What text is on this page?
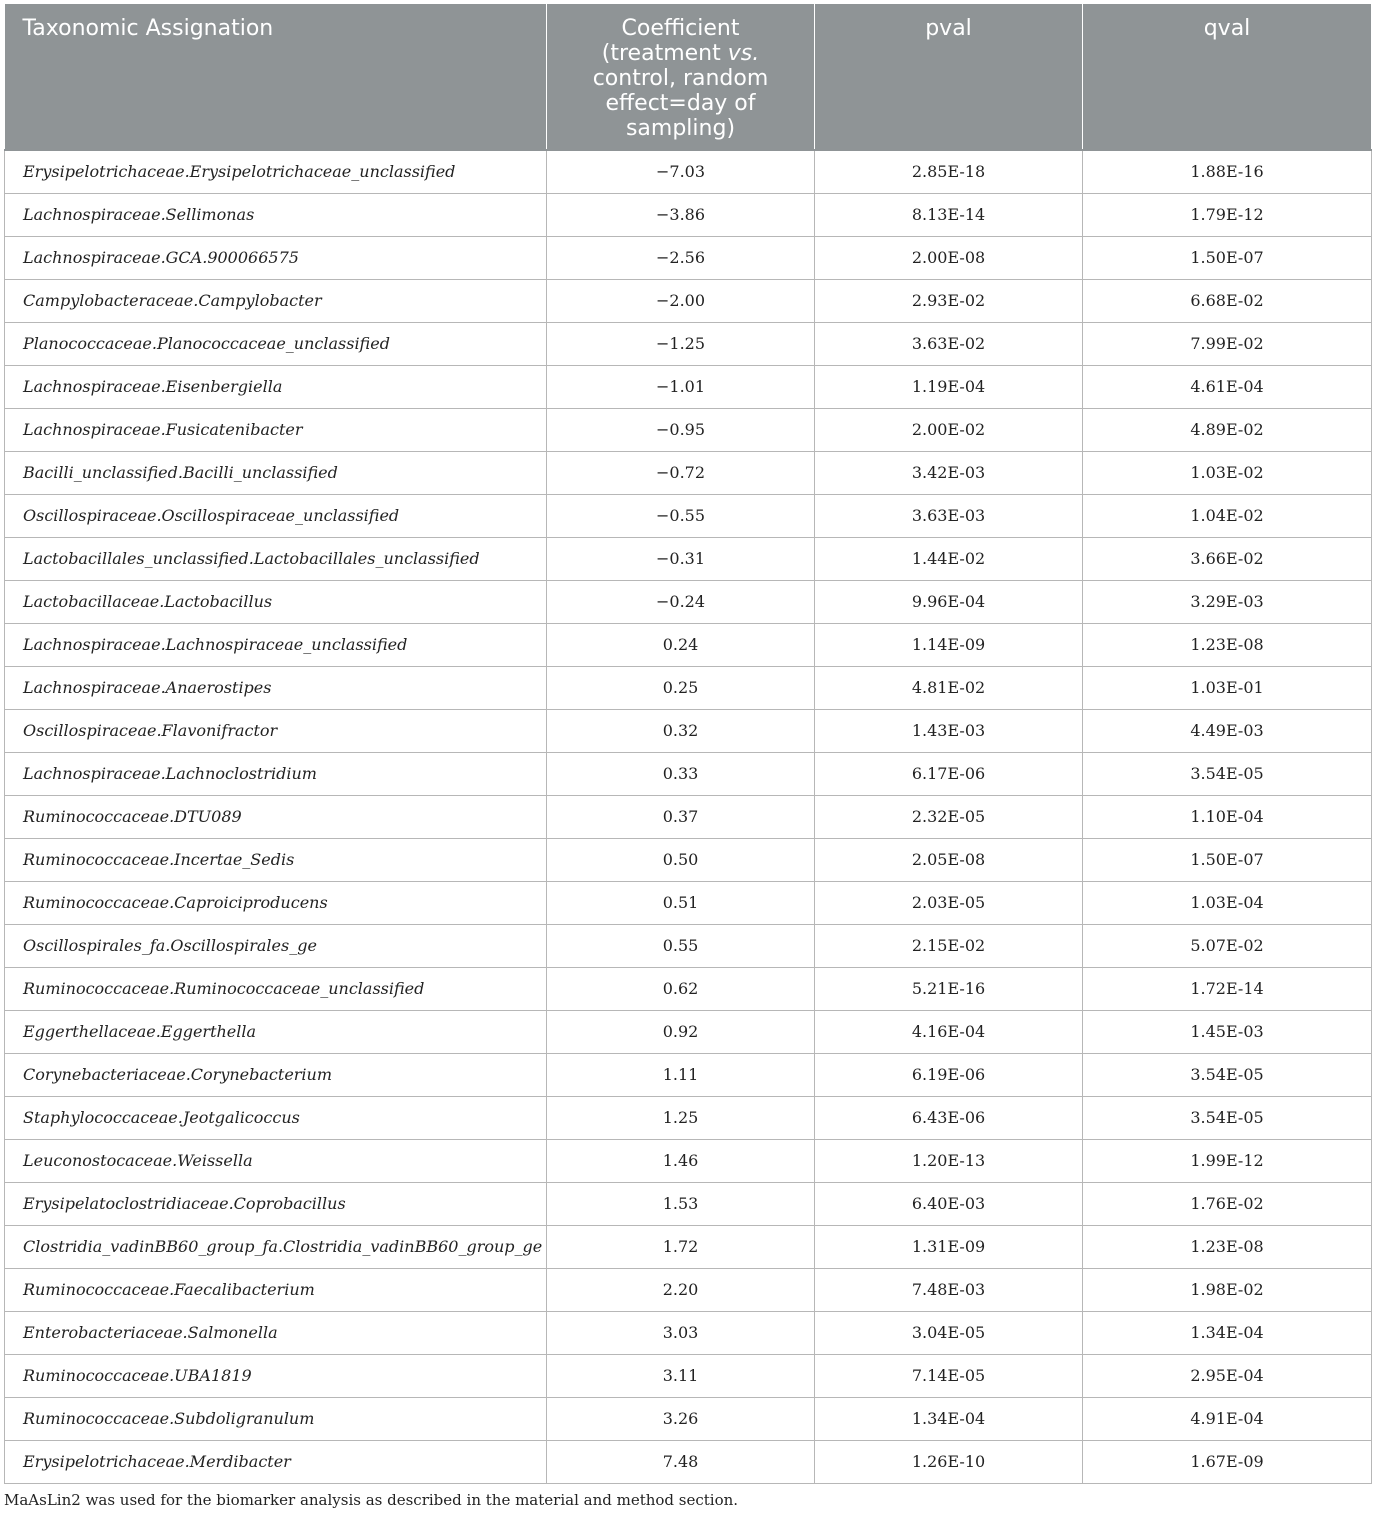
Taxonomic Assignation	Coefficient (treatment vs. control, random effect=day of sampling)	pval	qval
Erysipelotrichaceae.Erysipelotrichaceae_unclassified	−7.03	2.85E-18	1.88E-16
Lachnospiraceae.Sellimonas	−3.86	8.13E-14	1.79E-12
Lachnospiraceae.GCA.900066575	−2.56	2.00E-08	1.50E-07
Campylobacteraceae.Campylobacter	−2.00	2.93E-02	6.68E-02
Planococcaceae.Planococcaceae_unclassified	−1.25	3.63E-02	7.99E-02
Lachnospiraceae.Eisenbergiella	−1.01	1.19E-04	4.61E-04
Lachnospiraceae.Fusicatenibacter	−0.95	2.00E-02	4.89E-02
Bacilli_unclassified.Bacilli_unclassified	−0.72	3.42E-03	1.03E-02
Oscillospiraceae.Oscillospiraceae_unclassified	−0.55	3.63E-03	1.04E-02
Lactobacillales_unclassified.Lactobacillales_unclassified	−0.31	1.44E-02	3.66E-02
Lactobacillaceae.Lactobacillus	−0.24	9.96E-04	3.29E-03
Lachnospiraceae.Lachnospiraceae_unclassified	0.24	1.14E-09	1.23E-08
Lachnospiraceae.Anaerostipes	0.25	4.81E-02	1.03E-01
Oscillospiraceae.Flavonifractor	0.32	1.43E-03	4.49E-03
Lachnospiraceae.Lachnoclostridium	0.33	6.17E-06	3.54E-05
Ruminococcaceae.DTU089	0.37	2.32E-05	1.10E-04
Ruminococcaceae.Incertae_Sedis	0.50	2.05E-08	1.50E-07
Ruminococcaceae.Caproiciproducens	0.51	2.03E-05	1.03E-04
Oscillospirales_fa.Oscillospirales_ge	0.55	2.15E-02	5.07E-02
Ruminococcaceae.Ruminococcaceae_unclassified	0.62	5.21E-16	1.72E-14
Eggerthellaceae.Eggerthella	0.92	4.16E-04	1.45E-03
Corynebacteriaceae.Corynebacterium	1.11	6.19E-06	3.54E-05
Staphylococcaceae.Jeotgalicoccus	1.25	6.43E-06	3.54E-05
Leuconostocaceae.Weissella	1.46	1.20E-13	1.99E-12
Erysipelatoclostridiaceae.Coprobacillus	1.53	6.40E-03	1.76E-02
Clostridia_vadinBB60_group_fa.Clostridia_vadinBB60_group_ge	1.72	1.31E-09	1.23E-08
Ruminococcaceae.Faecalibacterium	2.20	7.48E-03	1.98E-02
Enterobacteriaceae.Salmonella	3.03	3.04E-05	1.34E-04
Ruminococcaceae.UBA1819	3.11	7.14E-05	2.95E-04
Ruminococcaceae.Subdoligranulum	3.26	1.34E-04	4.91E-04
Erysipelotrichaceae.Merdibacter	7.48	1.26E-10	1.67E-09
MaAsLin2 was used for the biomarker analysis as described in the material and method section.
